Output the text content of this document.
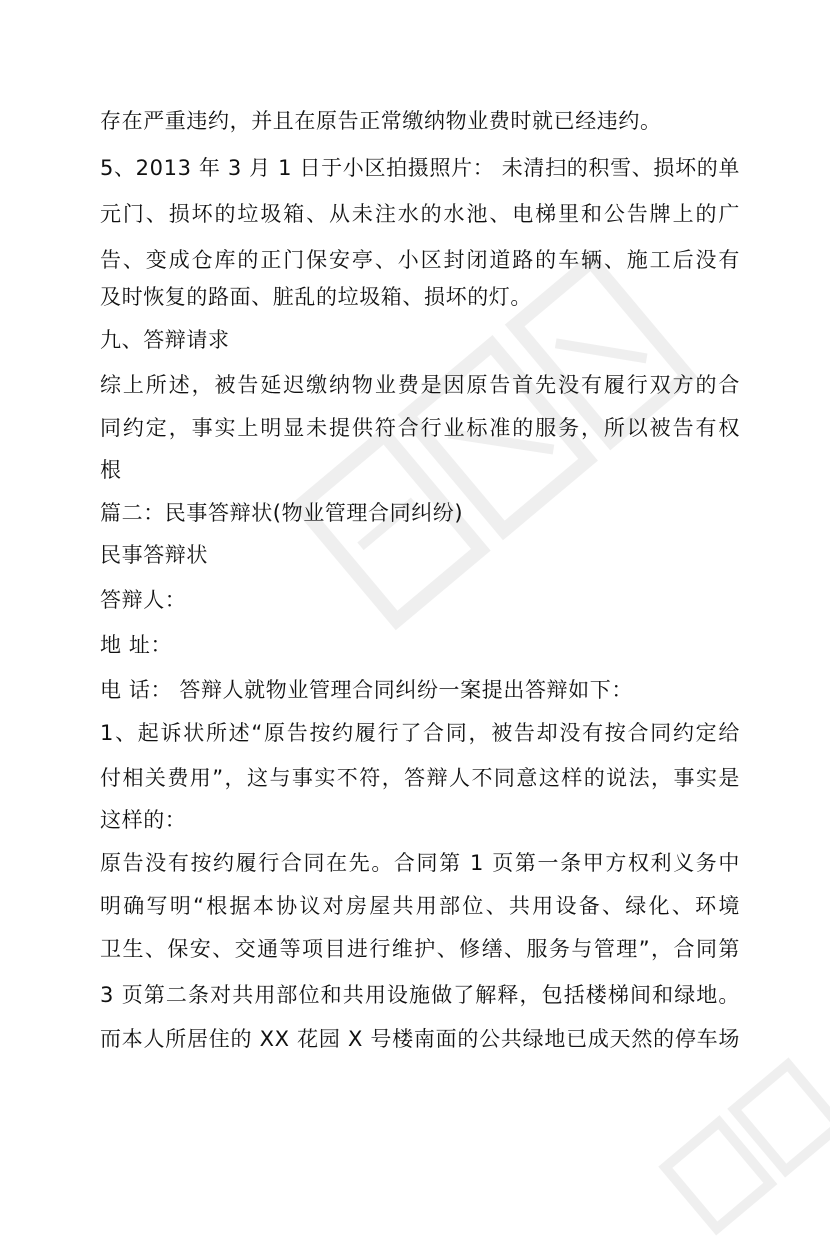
存在严重违约，并且在原告正常缴纳物业费时就已经违约。
5、2013 年 3 月 1 日于小区拍摄照片： 未清扫的积雪、损坏的单
元门、损坏的垃圾箱、从未注水的水池、电梯里和公告牌上的广
告、变成仓库的正门保安亭、小区封闭道路的车辆、施工后没有
及时恢复的路面、脏乱的垃圾箱、损坏的灯。
九、答辩请求
综上所述，被告延迟缴纳物业费是因原告首先没有履行双方的合
同约定，事实上明显未提供符合行业标准的服务，所以被告有权
根
篇二：民事答辩状(物业管理合同纠纷)
民事答辩状
答辩人：
地 址：
电 话： 答辩人就物业管理合同纠纷一案提出答辩如下：
1、起诉状所述“原告按约履行了合同，被告却没有按合同约定给
付相关费用”，这与事实不符，答辩人不同意这样的说法，事实是
这样的：
原告没有按约履行合同在先。合同第 1 页第一条甲方权利义务中
明确写明“根据本协议对房屋共用部位、共用设备、绿化、环境
卫生、保安、交通等项目进行维护、修缮、服务与管理”，合同第
3 页第二条对共用部位和共用设施做了解释，包括楼梯间和绿地。
而本人所居住的 XX 花园 X 号楼南面的公共绿地已成天然的停车场
